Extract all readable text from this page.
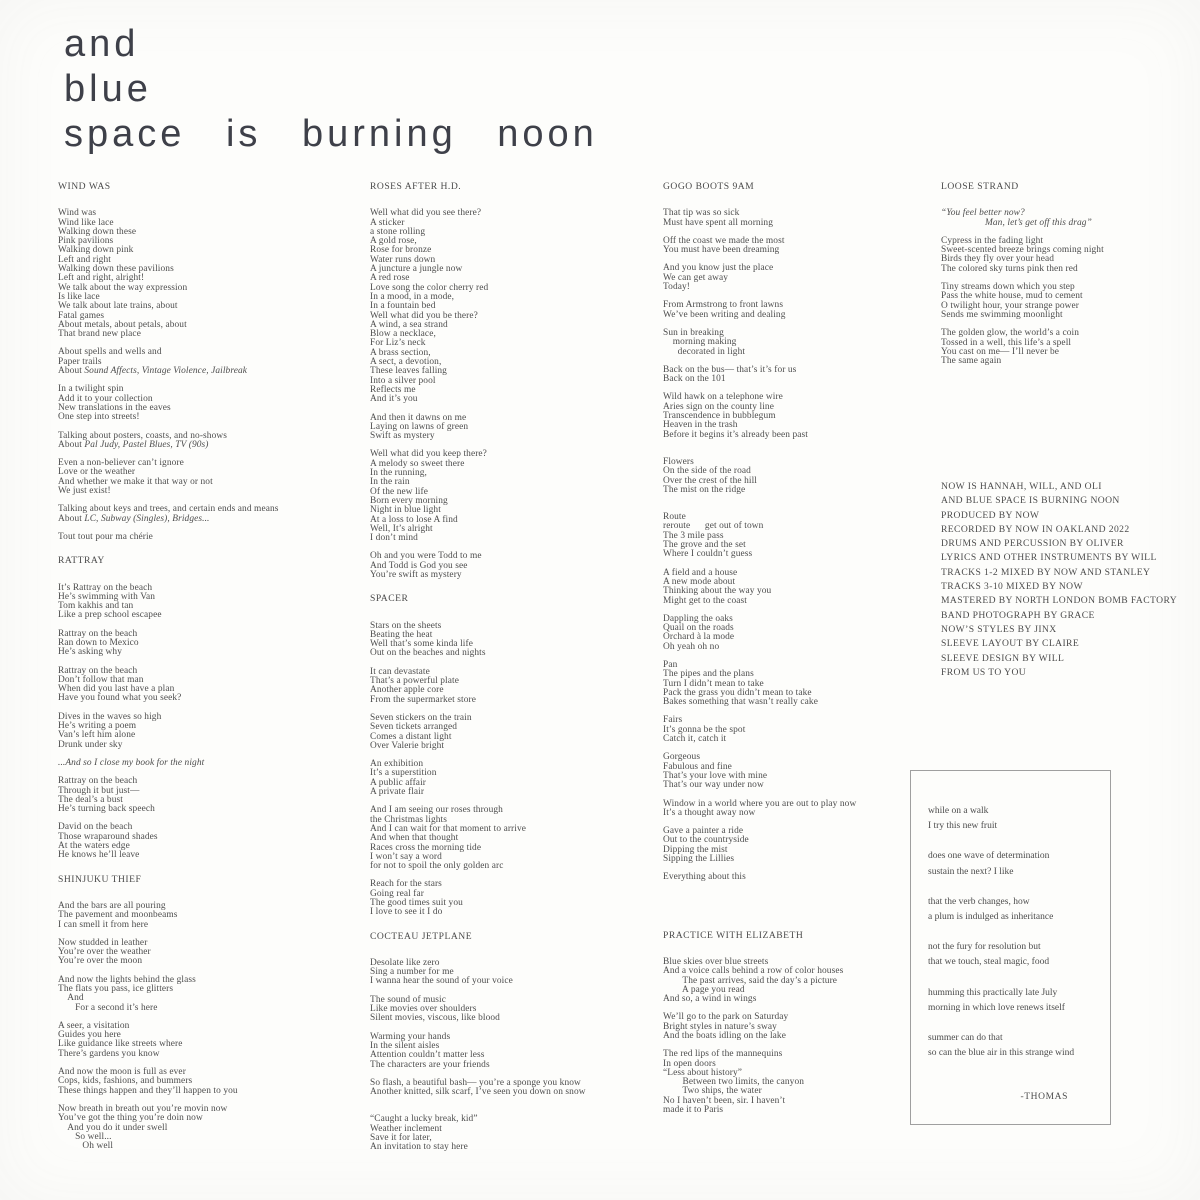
and
blue
space is burning noon
WIND WAS
Wind was
Wind like lace
Walking down these
Pink pavilions
Walking down pink
Left and right
Walking down these pavilions
Left and right, alright!
We talk about the way expression
Is like lace
We talk about late trains, about
Fatal games
About metals, about petals, about
That brand new place
About spells and wells and
Paper trails
About Sound Affects, Vintage Violence, Jailbreak
In a twilight spin
Add it to your collection
New translations in the eaves
One step into streets!
Talking about posters, coasts, and no-shows
About Pal Judy, Pastel Blues, TV (90s)
Even a non-believer can’t ignore
Love or the weather
And whether we make it that way or not
We just exist!
Talking about keys and trees, and certain ends and means
About LC, Subway (Singles), Bridges...
Tout tout pour ma chérie
RATTRAY
It’s Rattray on the beach
He’s swimming with Van
Tom kakhis and tan
Like a prep school escapee
Rattray on the beach
Ran down to Mexico
He’s asking why
Rattray on the beach
Don’t follow that man
When did you last have a plan
Have you found what you seek?
Dives in the waves so high
He’s writing a poem
Van’s left him alone
Drunk under sky
...And so I close my book for the night
Rattray on the beach
Through it but just—
The deal’s a bust
He’s turning back speech
David on the beach
Those wraparound shades
At the waters edge
He knows he’ll leave
SHINJUKU THIEF
And the bars are all pouring
The pavement and moonbeams
I can smell it from here
Now studded in leather
You’re over the weather
You’re over the moon
And now the lights behind the glass
The flats you pass, ice glitters
And
For a second it’s here
A seer, a visitation
Guides you here
Like guidance like streets where
There’s gardens you know
And now the moon is full as ever
Cops, kids, fashions, and bummers
These things happen and they’ll happen to you
Now breath in breath out you’re movin now
You’ve got the thing you’re doin now
And you do it under swell
So well...
Oh well
ROSES AFTER H.D.
Well what did you see there?
A sticker
a stone rolling
A gold rose,
Rose for bronze
Water runs down
A juncture a jungle now
A red rose
Love song the color cherry red
In a mood, in a mode,
In a fountain bed
Well what did you be there?
A wind, a sea strand
Blow a necklace,
For Liz’s neck
A brass section,
A sect, a devotion,
These leaves falling
Into a silver pool
Reflects me
And it’s you
And then it dawns on me
Laying on lawns of green
Swift as mystery
Well what did you keep there?
A melody so sweet there
In the running,
In the rain
Of the new life
Born every morning
Night in blue light
At a loss to lose A find
Well, It’s alright
I don’t mind
Oh and you were Todd to me
And Todd is God you see
You’re swift as mystery
SPACER
Stars on the sheets
Beating the heat
Well that’s some kinda life
Out on the beaches and nights
It can devastate
That’s a powerful plate
Another apple core
From the supermarket store
Seven stickers on the train
Seven tickets arranged
Comes a distant light
Over Valerie bright
An exhibition
It’s a superstition
A public affair
A private flair
And I am seeing our roses through
the Christmas lights
And I can wait for that moment to arrive
And when that thought
Races cross the morning tide
I won’t say a word
for not to spoil the only golden arc
Reach for the stars
Going real far
The good times suit you
I love to see it I do
COCTEAU JETPLANE
Desolate like zero
Sing a number for me
I wanna hear the sound of your voice
The sound of music
Like movies over shoulders
Silent movies, viscous, like blood
Warming your hands
In the silent aisles
Attention couldn’t matter less
The characters are your friends
So flash, a beautiful bash— you’re a sponge you know
Another knitted, silk scarf, I’ve seen you down on snow
“Caught a lucky break, kid”
Weather inclement
Save it for later,
An invitation to stay here
GOGO BOOTS 9AM
That tip was so sick
Must have spent all morning
Off the coast we made the most
You must have been dreaming
And you know just the place
We can get away
Today!
From Armstrong to front lawns
We’ve been writing and dealing
Sun in breaking
morning making
decorated in light
Back on the bus— that’s it’s for us
Back on the 101
Wild hawk on a telephone wire
Aries sign on the county line
Transcendence in bubblegum
Heaven in the trash
Before it begins it’s already been past
Flowers
On the side of the road
Over the crest of the hill
The mist on the ridge
Route
reroute      get out of town
The 3 mile pass
The grove and the set
Where I couldn’t guess
A field and a house
A new mode about
Thinking about the way you
Might get to the coast
Dappling the oaks
Quail on the roads
Orchard à la mode
Oh yeah oh no
Pan
The pipes and the plans
Turn I didn’t mean to take
Pack the grass you didn’t mean to take
Bakes something that wasn’t really cake
Fairs
It’s gonna be the spot
Catch it, catch it
Gorgeous
Fabulous and fine
That’s your love with mine
That’s our way under now
Window in a world where you are out to play now
It’s a thought away now
Gave a painter a ride
Out to the countryside
Dipping the mist
Sipping the Lillies
Everything about this
PRACTICE WITH ELIZABETH
Blue skies over blue streets
And a voice calls behind a row of color houses
The past arrives, said the day’s a picture
A page you read
And so, a wind in wings
We’ll go to the park on Saturday
Bright styles in nature’s sway
And the boats idling on the lake
The red lips of the mannequins
In open doors
“Less about history”
Between two limits, the canyon
Two ships, the water
No I haven’t been, sir. I haven’t
made it to Paris
LOOSE STRAND
“You feel better now?
Man, let’s get off this drag”
Cypress in the fading light
Sweet-scented breeze brings coming night
Birds they fly over your head
The colored sky turns pink then red
Tiny streams down which you step
Pass the white house, mud to cement
O twilight hour, your strange power
Sends me swimming moonlight
The golden glow, the world’s a coin
Tossed in a well, this life’s a spell
You cast on me— I’ll never be
The same again
NOW IS HANNAH, WILL, AND OLI
AND BLUE SPACE IS BURNING NOON
PRODUCED BY NOW
RECORDED BY NOW IN OAKLAND 2022
DRUMS AND PERCUSSION BY OLIVER
LYRICS AND OTHER INSTRUMENTS BY WILL
TRACKS 1-2 MIXED BY NOW AND STANLEY
TRACKS 3-10 MIXED BY NOW
MASTERED BY NORTH LONDON BOMB FACTORY
BAND PHOTOGRAPH BY GRACE
NOW’S STYLES BY JINX
SLEEVE LAYOUT BY CLAIRE
SLEEVE DESIGN BY WILL
FROM US TO YOU
while on a walk
I try this new fruit
does one wave of determination
sustain the next? I like
that the verb changes, how
a plum is indulged as inheritance
not the fury for resolution but
that we touch, steal magic, food
humming this practically late July
morning in which love renews itself
summer can do that
so can the blue air in this strange wind
-THOMAS
